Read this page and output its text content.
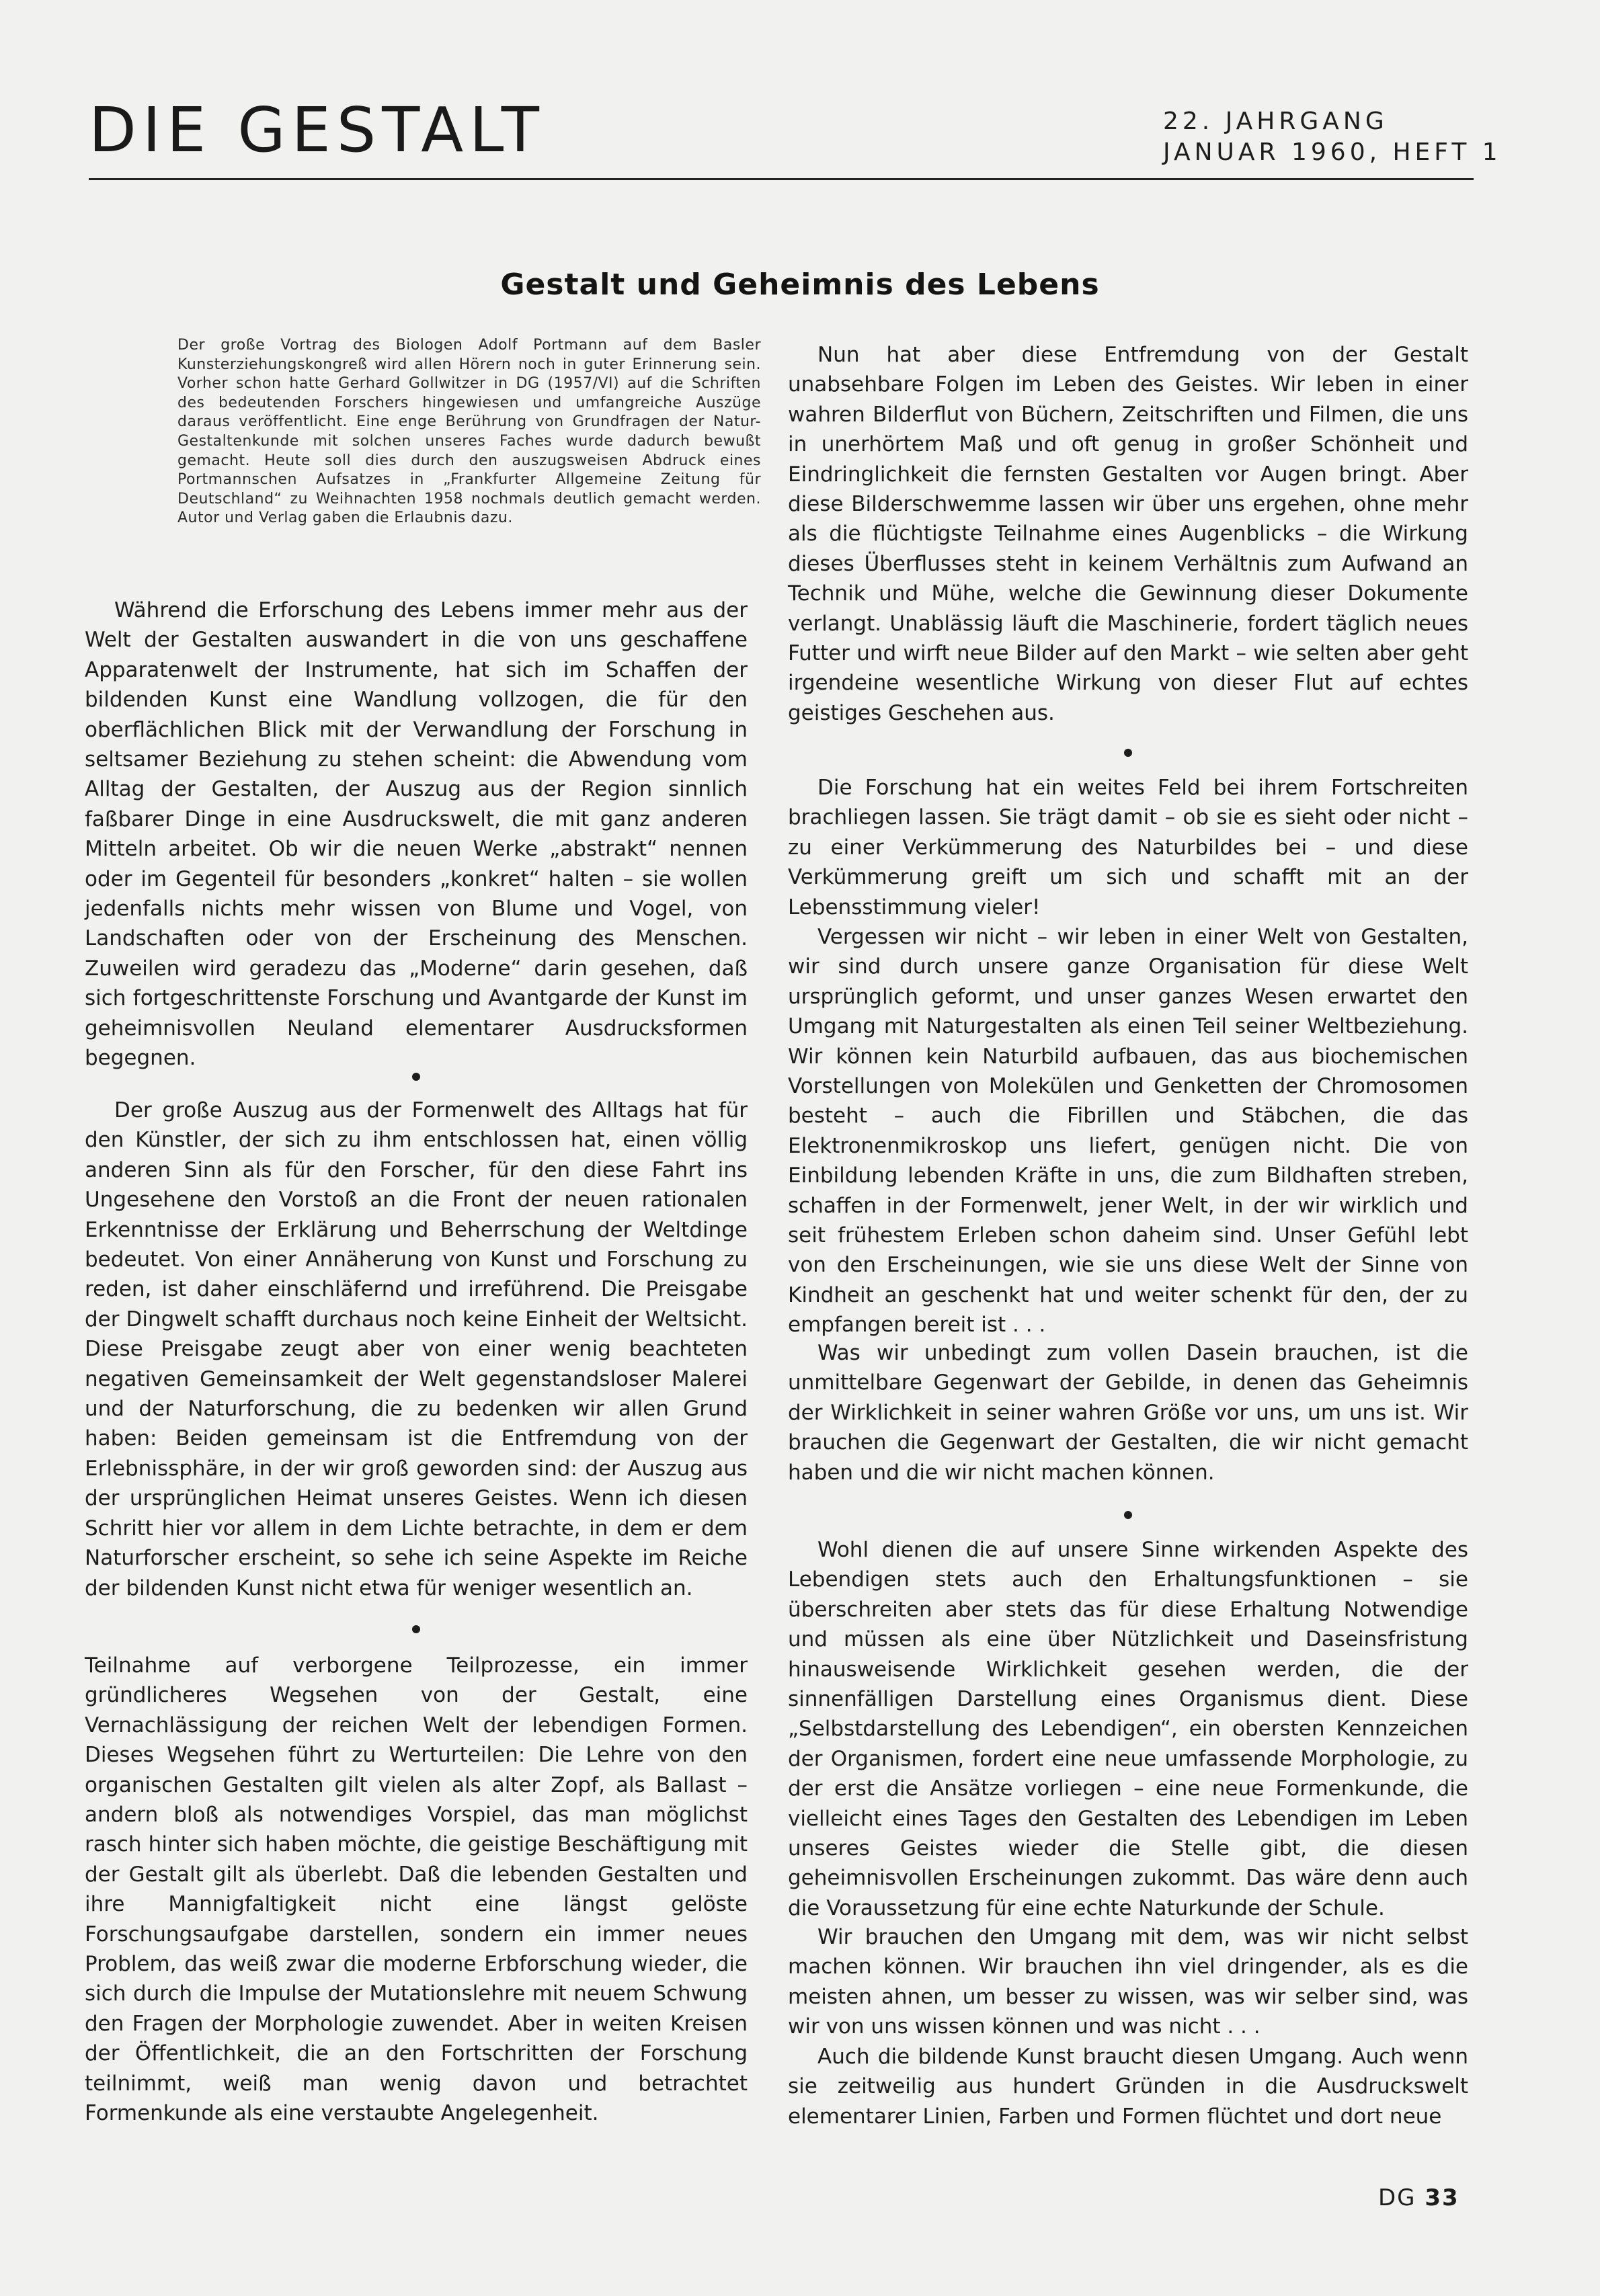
DIE GESTALT	22. JAHRGANG
JANUAR 1960, HEFT 1
Gestalt und Geheimnis des Lebens
Der große Vortrag des Biologen Adolf Portmann auf dem Basler Kunsterziehungskongreß wird allen Hörern noch in guter Erinnerung sein. Vorher schon hatte Gerhard Gollwitzer in DG (1957/VI) auf die Schriften des bedeutenden Forschers hingewiesen und umfangreiche Auszüge daraus veröffentlicht. Eine enge Berührung von Grundfragen der Natur-Gestaltenkunde mit solchen unseres Faches wurde dadurch bewußt gemacht. Heute soll dies durch den auszugsweisen Abdruck eines Portmannschen Aufsatzes in „Frankfurter Allgemeine Zeitung für Deutschland“ zu Weihnachten 1958 nochmals deutlich gemacht werden. Autor und Verlag gaben die Erlaubnis dazu.

Während die Erforschung des Lebens immer mehr aus der Welt der Gestalten auswandert in die von uns geschaffene Apparatenwelt der Instrumente, hat sich im Schaffen der bildenden Kunst eine Wandlung vollzogen, die für den oberflächlichen Blick mit der Verwandlung der Forschung in seltsamer Beziehung zu stehen scheint: die Abwendung vom Alltag der Gestalten, der Auszug aus der Region sinnlich faßbarer Dinge in eine Ausdruckswelt, die mit ganz anderen Mitteln arbeitet. Ob wir die neuen Werke „abstrakt“ nennen oder im Gegenteil für besonders „konkret“ halten – sie wollen jedenfalls nichts mehr wissen von Blume und Vogel, von Landschaften oder von der Erscheinung des Menschen. Zuweilen wird geradezu das „Moderne“ darin gesehen, daß sich fortgeschrittenste Forschung und Avantgarde der Kunst im geheimnisvollen Neuland elementarer Ausdrucksformen begegnen.

Der große Auszug aus der Formenwelt des Alltags hat für den Künstler, der sich zu ihm entschlossen hat, einen völlig anderen Sinn als für den Forscher, für den diese Fahrt ins Ungesehene den Vorstoß an die Front der neuen rationalen Erkenntnisse der Erklärung und Beherrschung der Weltdinge bedeutet. Von einer Annäherung von Kunst und Forschung zu reden, ist daher einschläfernd und irreführend. Die Preisgabe der Dingwelt schafft durchaus noch keine Einheit der Weltsicht. Diese Preisgabe zeugt aber von einer wenig beachteten negativen Gemeinsamkeit der Welt gegenstandsloser Malerei und der Naturforschung, die zu bedenken wir allen Grund haben: Beiden gemeinsam ist die Entfremdung von der Erlebnissphäre, in der wir groß geworden sind: der Auszug aus der ursprünglichen Heimat unseres Geistes. Wenn ich diesen Schritt hier vor allem in dem Lichte betrachte, in dem er dem Naturforscher erscheint, so sehe ich seine Aspekte im Reiche der bildenden Kunst nicht etwa für weniger wesentlich an.

Teilnahme auf verborgene Teilprozesse, ein immer gründlicheres Wegsehen von der Gestalt, eine Vernachlässigung der reichen Welt der lebendigen Formen. Dieses Wegsehen führt zu Werturteilen: Die Lehre von den organischen Gestalten gilt vielen als alter Zopf, als Ballast – andern bloß als notwendiges Vorspiel, das man möglichst rasch hinter sich haben möchte, die geistige Beschäftigung mit der Gestalt gilt als überlebt. Daß die lebenden Gestalten und ihre Mannigfaltigkeit nicht eine längst gelöste Forschungsaufgabe darstellen, sondern ein immer neues Problem, das weiß zwar die moderne Erbforschung wieder, die sich durch die Impulse der Mutationslehre mit neuem Schwung den Fragen der Morphologie zuwendet. Aber in weiten Kreisen der Öffentlichkeit, die an den Fortschritten der Forschung teilnimmt, weiß man wenig davon und betrachtet Formenkunde als eine verstaubte Angelegenheit.

Nun hat aber diese Entfremdung von der Gestalt unabsehbare Folgen im Leben des Geistes. Wir leben in einer wahren Bilderflut von Büchern, Zeitschriften und Filmen, die uns in unerhörtem Maß und oft genug in großer Schönheit und Eindringlichkeit die fernsten Gestalten vor Augen bringt. Aber diese Bilderschwemme lassen wir über uns ergehen, ohne mehr als die flüchtigste Teilnahme eines Augenblicks – die Wirkung dieses Überflusses steht in keinem Verhältnis zum Aufwand an Technik und Mühe, welche die Gewinnung dieser Dokumente verlangt. Unablässig läuft die Maschinerie, fordert täglich neues Futter und wirft neue Bilder auf den Markt – wie selten aber geht irgendeine wesentliche Wirkung von dieser Flut auf echtes geistiges Geschehen aus.

Die Forschung hat ein weites Feld bei ihrem Fortschreiten brachliegen lassen. Sie trägt damit – ob sie es sieht oder nicht – zu einer Verkümmerung des Naturbildes bei – und diese Verkümmerung greift um sich und schafft mit an der Lebensstimmung vieler!

Vergessen wir nicht – wir leben in einer Welt von Gestalten, wir sind durch unsere ganze Organisation für diese Welt ursprünglich geformt, und unser ganzes Wesen erwartet den Umgang mit Naturgestalten als einen Teil seiner Weltbeziehung. Wir können kein Naturbild aufbauen, das aus biochemischen Vorstellungen von Molekülen und Genketten der Chromosomen besteht – auch die Fibrillen und Stäbchen, die das Elektronenmikroskop uns liefert, genügen nicht. Die von Einbildung lebenden Kräfte in uns, die zum Bildhaften streben, schaffen in der Formenwelt, jener Welt, in der wir wirklich und seit frühestem Erleben schon daheim sind. Unser Gefühl lebt von den Erscheinungen, wie sie uns diese Welt der Sinne von Kindheit an geschenkt hat und weiter schenkt für den, der zu empfangen bereit ist . . .

Was wir unbedingt zum vollen Dasein brauchen, ist die unmittelbare Gegenwart der Gebilde, in denen das Geheimnis der Wirklichkeit in seiner wahren Größe vor uns, um uns ist. Wir brauchen die Gegenwart der Gestalten, die wir nicht gemacht haben und die wir nicht machen können.

Wohl dienen die auf unsere Sinne wirkenden Aspekte des Lebendigen stets auch den Erhaltungsfunktionen – sie überschreiten aber stets das für diese Erhaltung Notwendige und müssen als eine über Nützlichkeit und Daseinsfristung hinausweisende Wirklichkeit gesehen werden, die der sinnenfälligen Darstellung eines Organismus dient. Diese „Selbstdarstellung des Lebendigen“, ein obersten Kennzeichen der Organismen, fordert eine neue umfassende Morphologie, zu der erst die Ansätze vorliegen – eine neue Formenkunde, die vielleicht eines Tages den Gestalten des Lebendigen im Leben unseres Geistes wieder die Stelle gibt, die diesen geheimnisvollen Erscheinungen zukommt. Das wäre denn auch die Voraussetzung für eine echte Naturkunde der Schule.

Wir brauchen den Umgang mit dem, was wir nicht selbst machen können. Wir brauchen ihn viel dringender, als es die meisten ahnen, um besser zu wissen, was wir selber sind, was wir von uns wissen können und was nicht . . .

Auch die bildende Kunst braucht diesen Umgang. Auch wenn sie zeitweilig aus hundert Gründen in die Ausdruckswelt elementarer Linien, Farben und Formen flüchtet und dort neue

DG 33
